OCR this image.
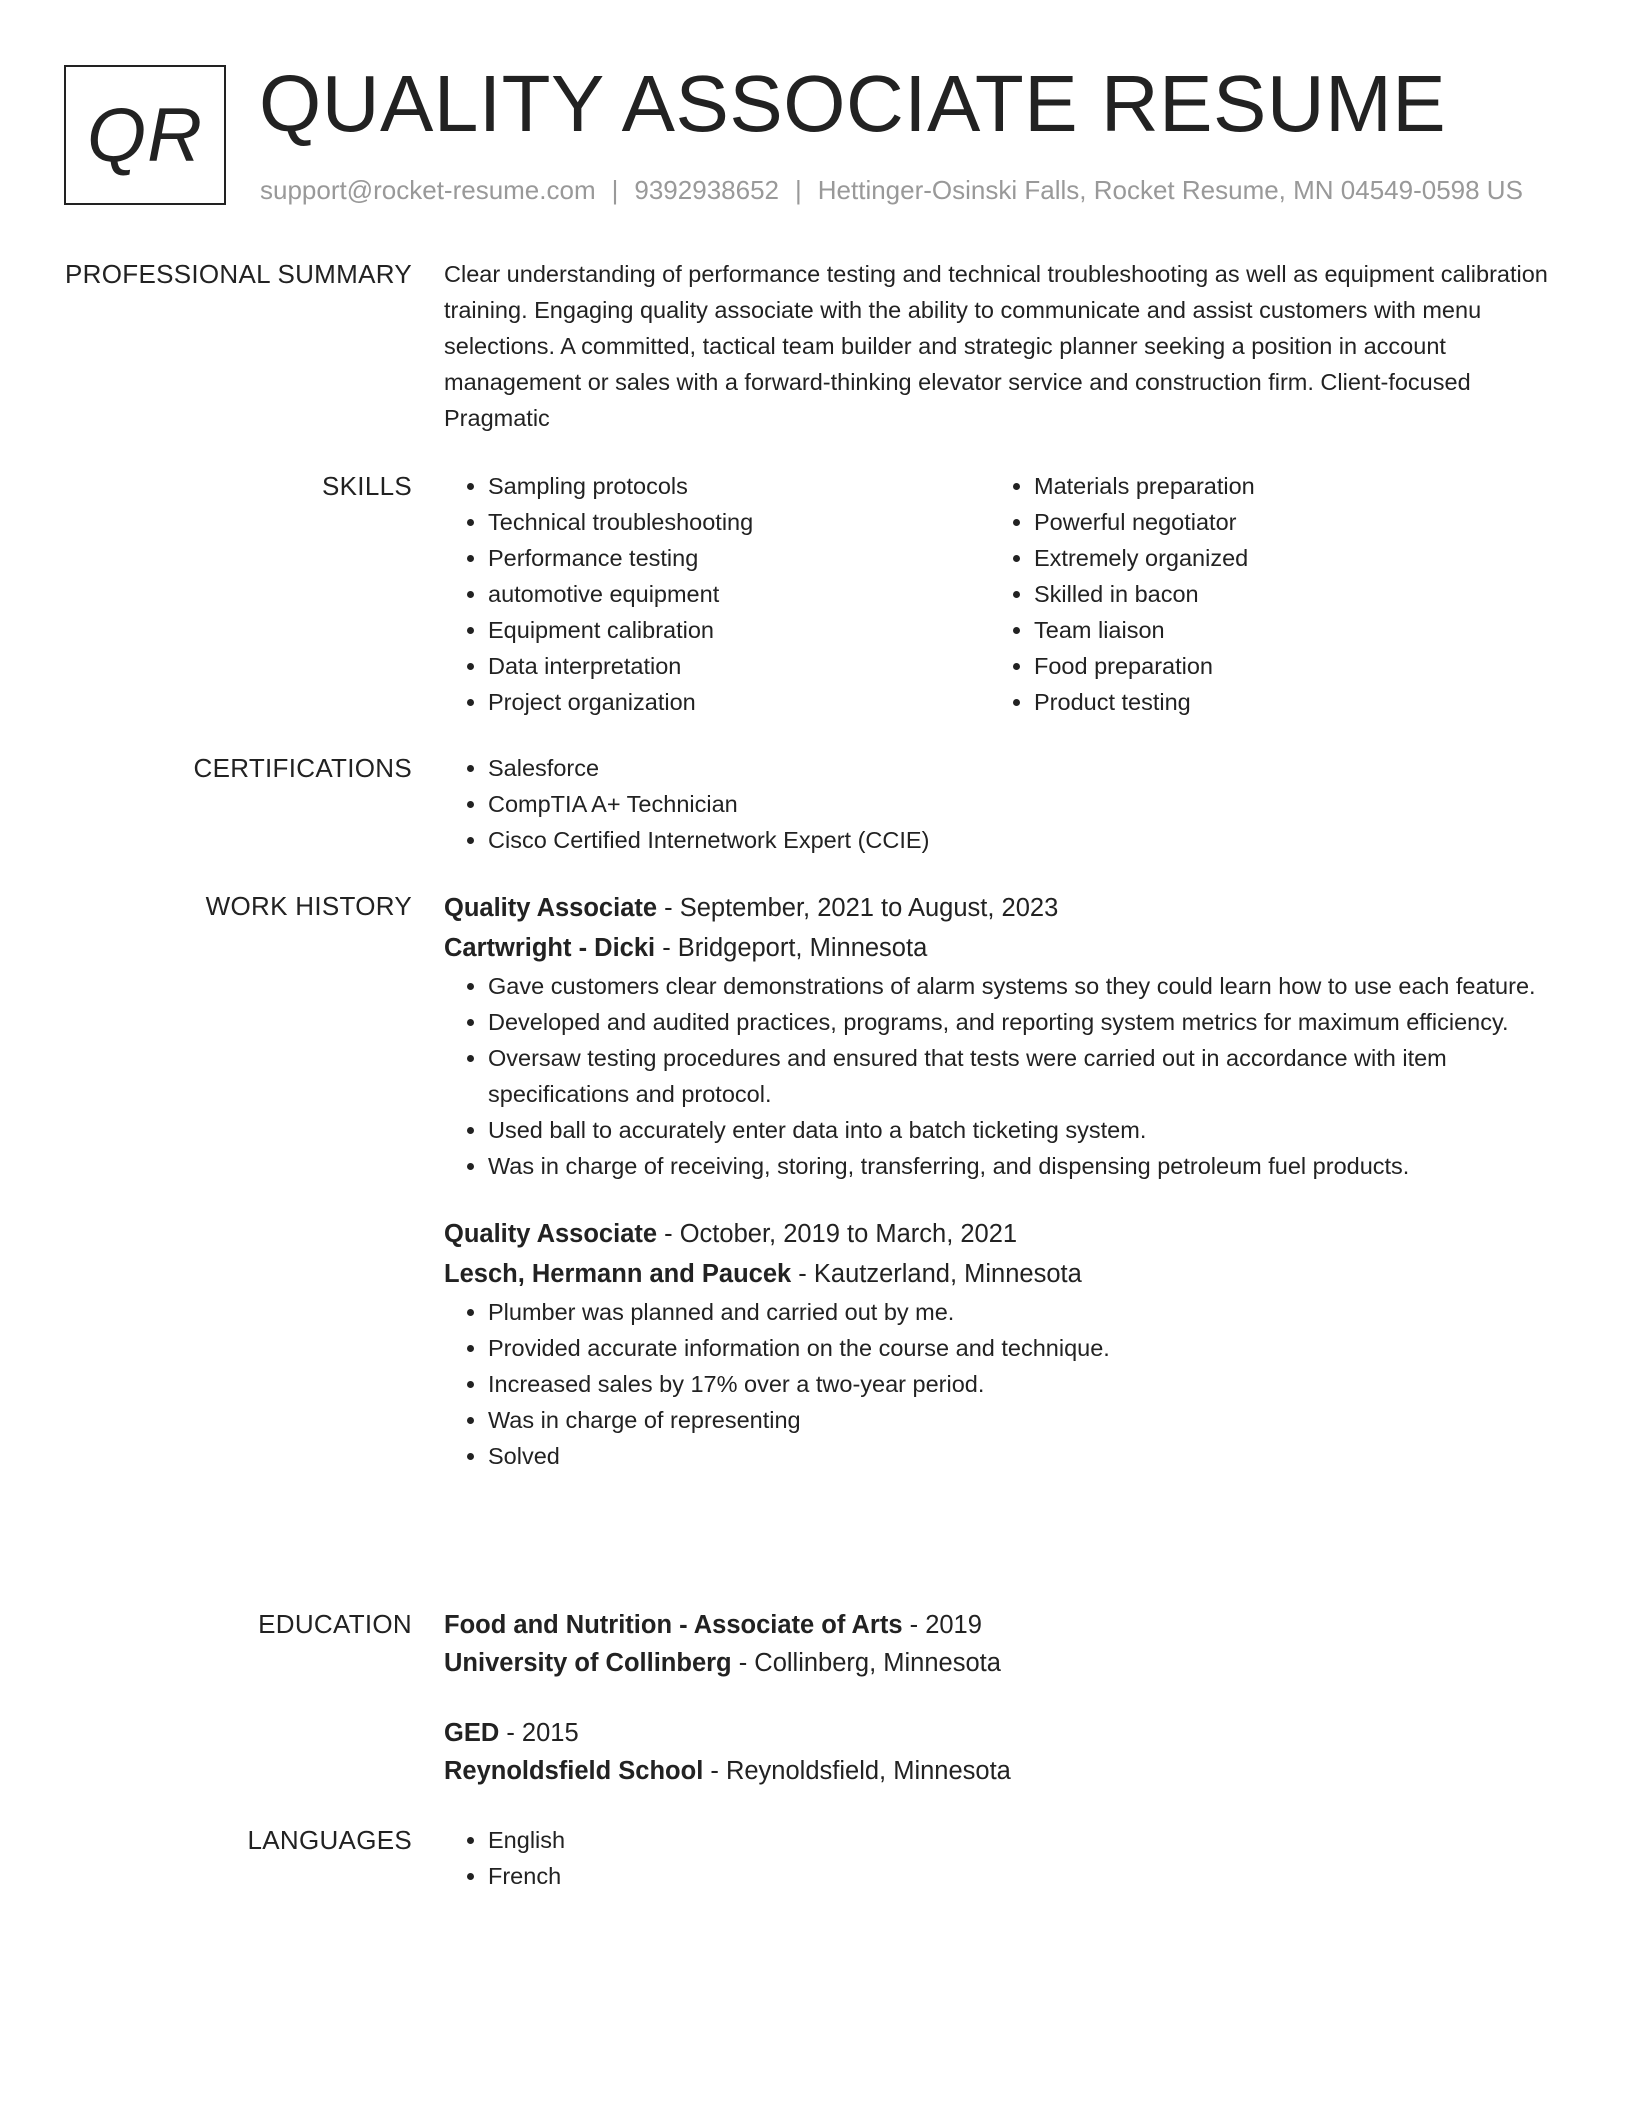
QR QUALITY ASSOCIATE RESUME
support@rocket-resume.com | 9392938652 | Hettinger-Osinski Falls, Rocket Resume, MN 04549-0598 US
PROFESSIONAL SUMMARY Clear understanding of performance testing and technical troubleshooting as well as equipment calibration training. Engaging quality associate with the ability to communicate and assist customers with menu selections. A committed, tactical team builder and strategic planner seeking a position in account management or sales with a forward-thinking elevator service and construction firm. Client-focused Pragmatic

SKILLS	• Sampling protocols
• Technical troubleshooting
• Performance testing
• automotive equipment
• Equipment calibration
• Data interpretation
• Project organization
• Materials preparation
• Powerful negotiator
• Extremely organized
• Skilled in bacon
• Team liaison
• Food preparation
• Product testing
CERTIFICATIONS	• Salesforce
• CompTIA A+ Technician
• Cisco Certified Internetwork Expert (CCIE)
WORK HISTORY Quality Associate - September, 2021 to August, 2023
Cartwright - Dicki - Bridgeport, Minnesota
• Gave customers clear demonstrations of alarm systems so they could learn how to use each feature.
• Developed and audited practices, programs, and reporting system metrics for maximum efficiency.
• Oversaw testing procedures and ensured that tests were carried out in accordance with item specifications and protocol.
• Used ball to accurately enter data into a batch ticketing system.
• Was in charge of receiving, storing, transferring, and dispensing petroleum fuel products.
Quality Associate - October, 2019 to March, 2021
Lesch, Hermann and Paucek - Kautzerland, Minnesota
• Plumber was planned and carried out by me.
• Provided accurate information on the course and technique.
• Increased sales by 17% over a two-year period.
• Was in charge of representing
• Solved
EDUCATION Food and Nutrition - Associate of Arts - 2019
University of Collinberg - Collinberg, Minnesota
GED - 2015
Reynoldsfield School - Reynoldsfield, Minnesota
LANGUAGES	• English
• French
